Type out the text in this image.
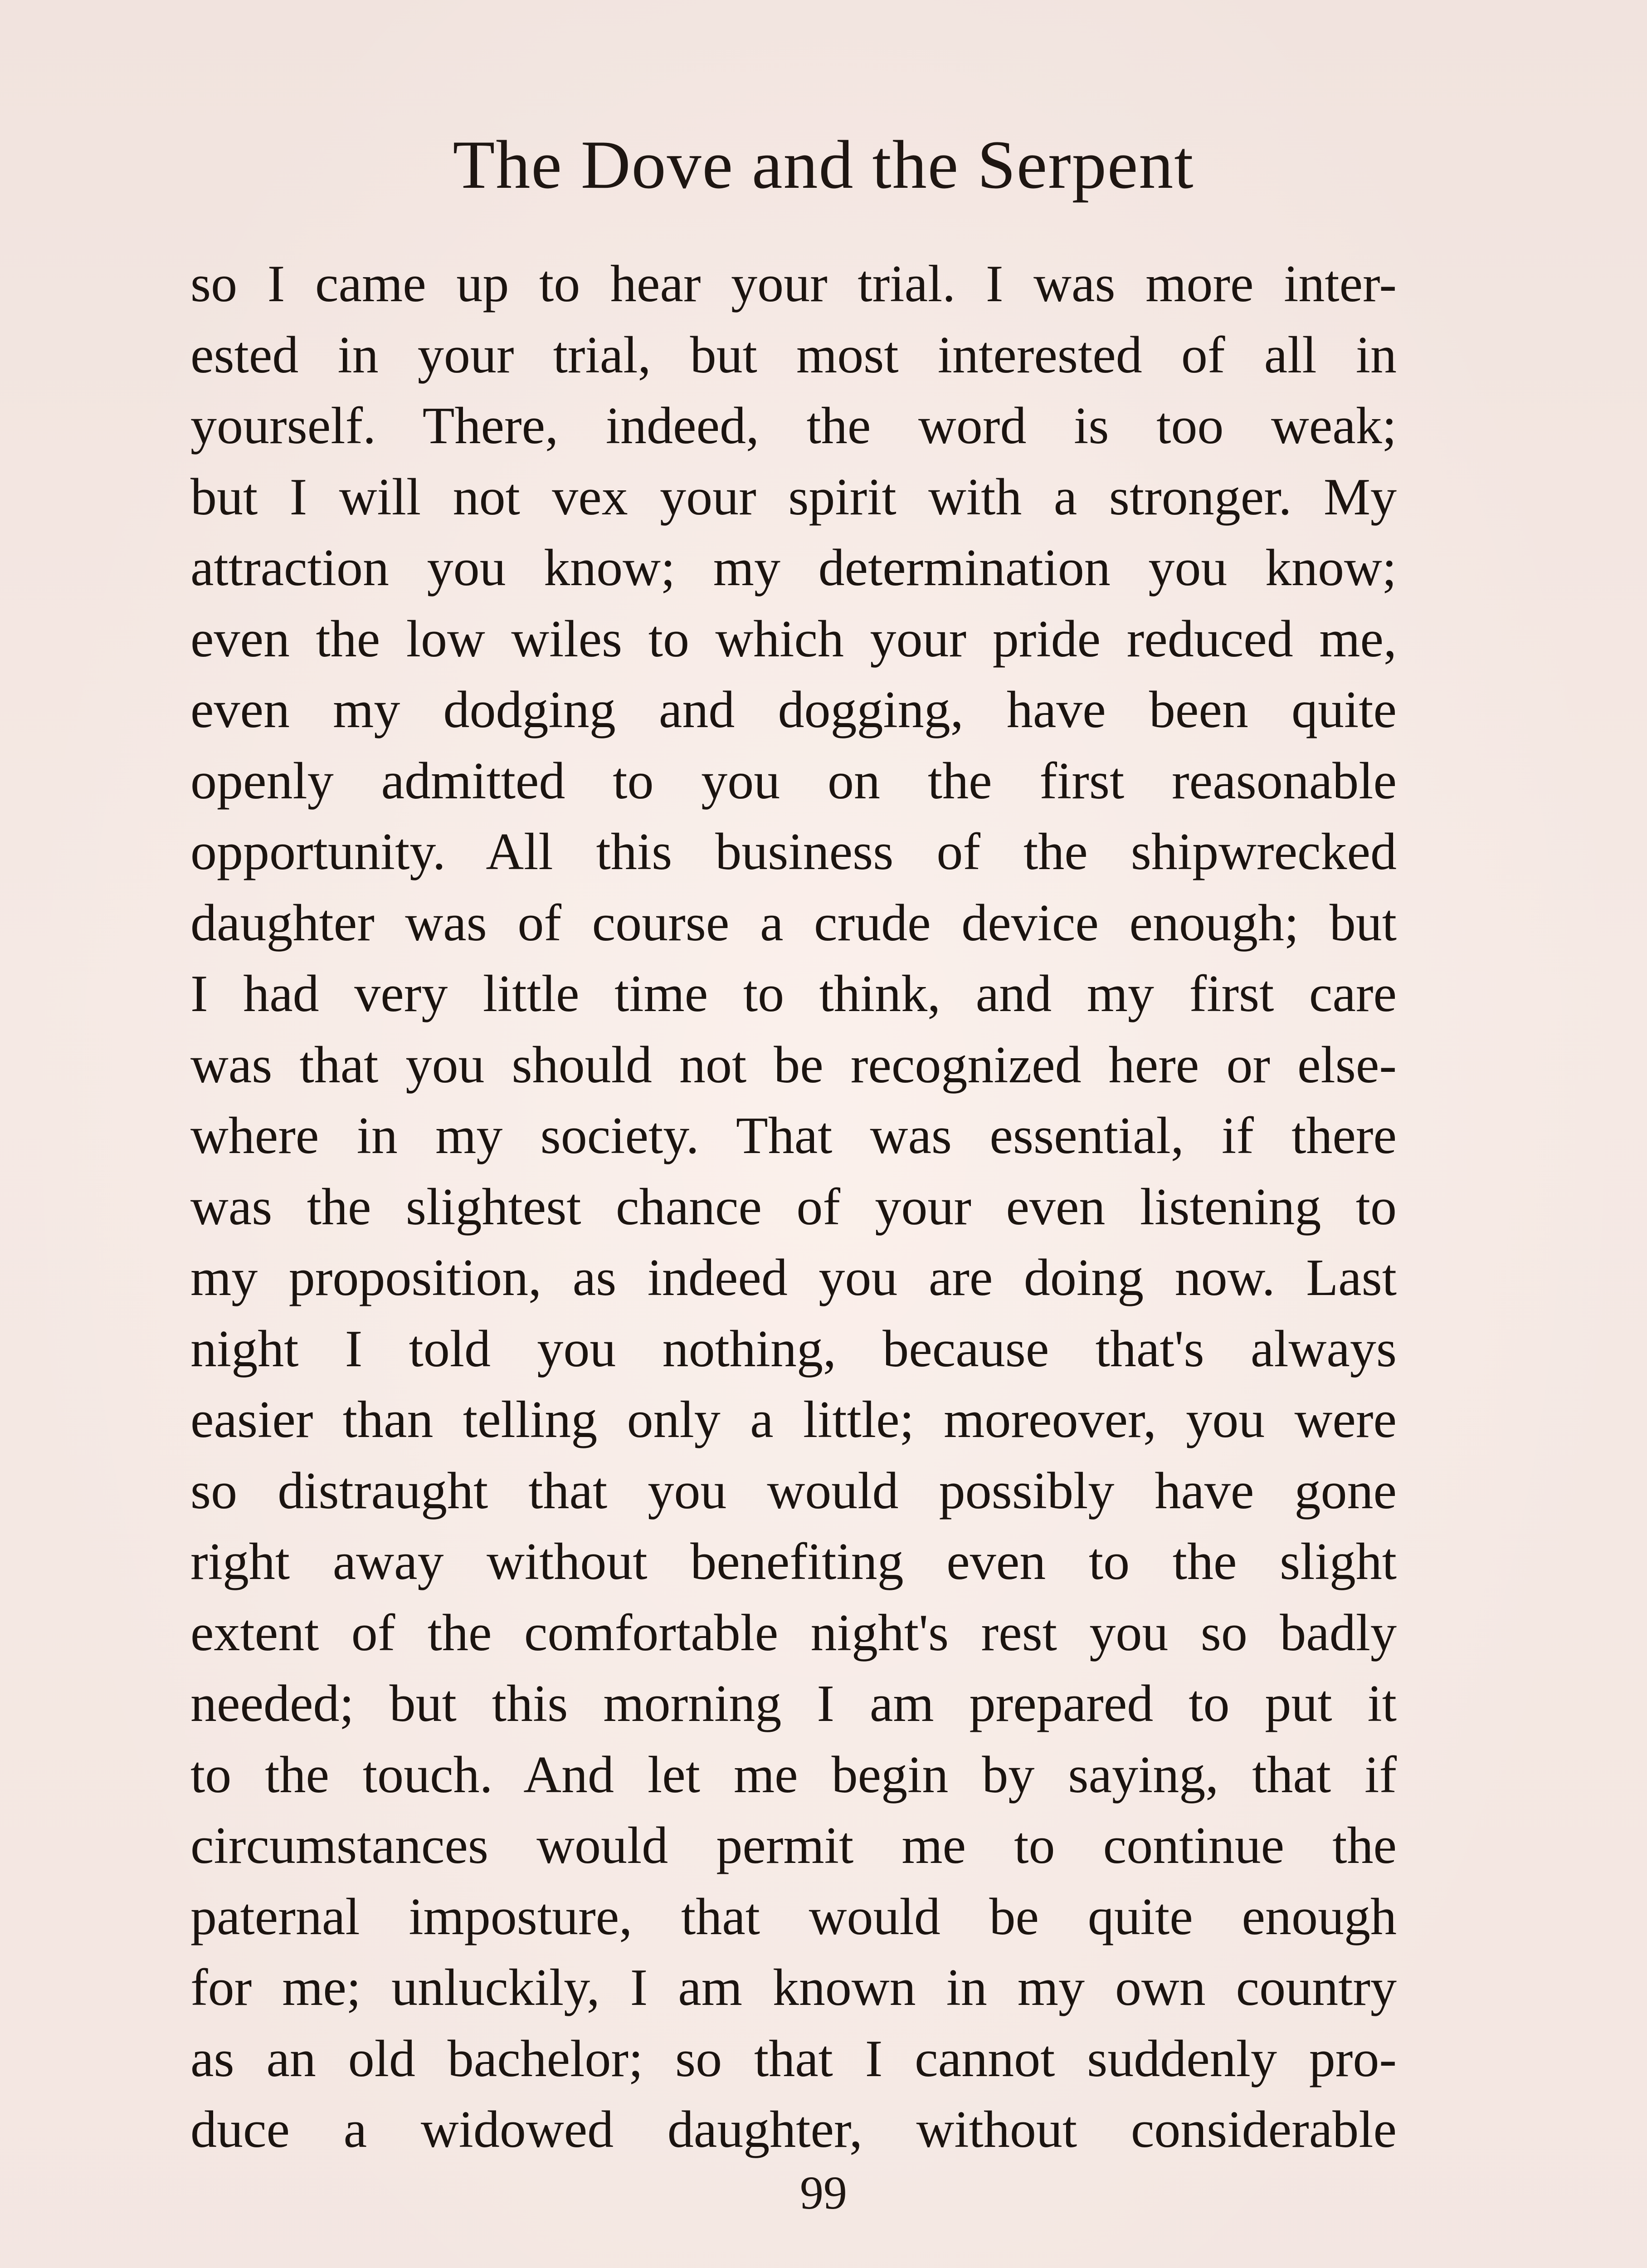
The Dove and the Serpent
so I came up to hear your trial. I was more inter-
ested in your trial, but most interested of all in
yourself. There, indeed, the word is too weak;
but I will not vex your spirit with a stronger. My
attraction you know; my determination you know;
even the low wiles to which your pride reduced me,
even my dodging and dogging, have been quite
openly admitted to you on the first reasonable
opportunity. All this business of the shipwrecked
daughter was of course a crude device enough; but
I had very little time to think, and my first care
was that you should not be recognized here or else-
where in my society. That was essential, if there
was the slightest chance of your even listening to
my proposition, as indeed you are doing now. Last
night I told you nothing, because that's always
easier than telling only a little; moreover, you were
so distraught that you would possibly have gone
right away without benefiting even to the slight
extent of the comfortable night's rest you so badly
needed; but this morning I am prepared to put it
to the touch. And let me begin by saying, that if
circumstances would permit me to continue the
paternal imposture, that would be quite enough
for me; unluckily, I am known in my own country
as an old bachelor; so that I cannot suddenly pro-
duce a widowed daughter, without considerable
99
